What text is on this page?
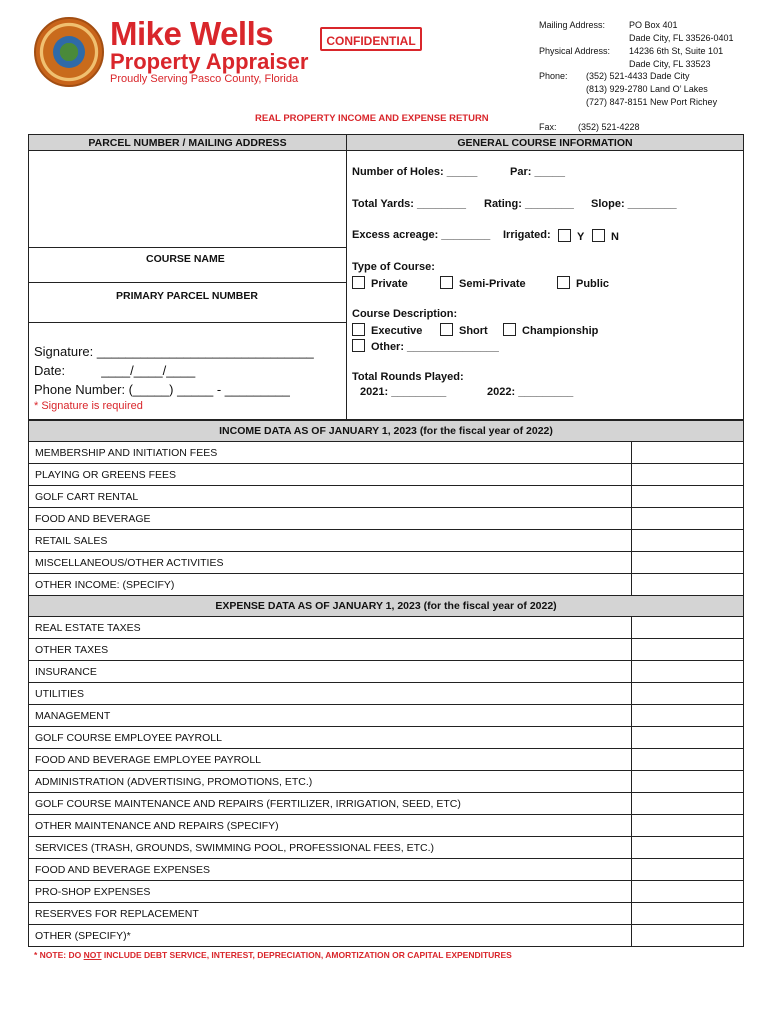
Mike Wells
Property Appraiser
Proudly Serving Pasco County, Florida
CONFIDENTIAL
Mailing Address:	PO Box 401
Dade City, FL 33526-0401
Physical Address: 14236 6th St, Suite 101
Dade City, FL 33523
Phone: (352) 521-4433 Dade City
(813) 929-2780 Land O’ Lakes
(727) 847-8151 New Port Richey
Fax: (352) 521-4228
REAL PROPERTY INCOME AND EXPENSE RETURN
PARCEL NUMBER / MAILING ADDRESS
COURSE NAME
PRIMARY PARCEL NUMBER
Signature: ______________________________
Date:          ____/____/____
Phone Number: (_____) _____ - _________
* Signature is required
GENERAL COURSE INFORMATION
Number of Holes: _____	Par: _____
Total Yards: ________ Rating: ________ Slope: ________
Excess acreage: ________ Irrigated:	Y	N
Type of Course:
Private	Semi-Private	Public
Course Description:
Executive	Short	Championship
Other: _______________
Total Rounds Played:
2021: _________	2022: _________
INCOME DATA AS OF JANUARY 1, 2023 (for the fiscal year of 2022)
MEMBERSHIP AND INITIATION FEES
PLAYING OR GREENS FEES
GOLF CART RENTAL
FOOD AND BEVERAGE
RETAIL SALES
MISCELLANEOUS/OTHER ACTIVITIES
OTHER INCOME: (SPECIFY)
EXPENSE DATA AS OF JANUARY 1, 2023 (for the fiscal year of 2022)
REAL ESTATE TAXES
OTHER TAXES
INSURANCE
UTILITIES
MANAGEMENT
GOLF COURSE EMPLOYEE PAYROLL
FOOD AND BEVERAGE EMPLOYEE PAYROLL
ADMINISTRATION (ADVERTISING, PROMOTIONS, ETC.)
GOLF COURSE MAINTENANCE AND REPAIRS (FERTILIZER, IRRIGATION, SEED, ETC)
OTHER MAINTENANCE AND REPAIRS (SPECIFY)
SERVICES (TRASH, GROUNDS, SWIMMING POOL, PROFESSIONAL FEES, ETC.)
FOOD AND BEVERAGE EXPENSES
PRO-SHOP EXPENSES
RESERVES FOR REPLACEMENT
OTHER (SPECIFY)*
* NOTE: DO NOT INCLUDE DEBT SERVICE, INTEREST, DEPRECIATION, AMORTIZATION OR CAPITAL EXPENDITURES
